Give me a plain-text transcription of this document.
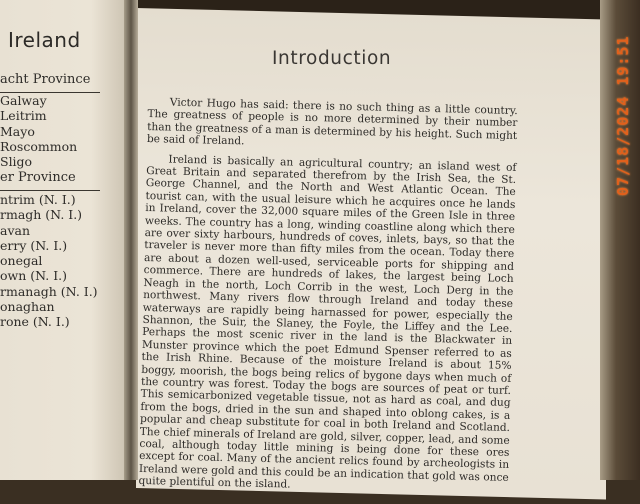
Ireland
acht Province
Galway
Leitrim
Mayo
Roscommon
Sligo
er Province
ntrim (N. I.)
rmagh (N. I.)
avan
erry (N. I.)
onegal
own (N. I.)
rmanagh (N. I.)
onaghan
rone (N. I.)
Introduction

Victor Hugo has said: there is no such thing as a little country. The greatness of people is no more determined by their number than the greatness of a man is determined by his height. Such might be said of Ireland.

Ireland is basically an agricultural country; an island west of Great Britain and separated therefrom by the Irish Sea, the St. George Channel, and the North and West Atlantic Ocean. The tourist can, with the usual leisure which he acquires once he lands in Ireland, cover the 32,000 square miles of the Green Isle in three weeks. The country has a long, winding coastline along which there are over sixty harbours, hundreds of coves, inlets, bays, so that the traveler is never more than fifty miles from the ocean. Today there are about a dozen well-used, serviceable ports for shipping and commerce. There are hundreds of lakes, the largest being Loch Neagh in the north, Loch Corrib in the west, Loch Derg in the northwest. Many rivers flow through Ireland and today these waterways are rapidly being harnassed for power, especially the Shannon, the Suir, the Slaney, the Foyle, the Liffey and the Lee. Perhaps the most scenic river in the land is the Blackwater in Munster province which the poet Edmund Spenser referred to as the Irish Rhine. Because of the moisture Ireland is about 15% boggy, moorish, the bogs being relics of bygone days when much of the country was forest. Today the bogs are sources of peat or turf. This semicarbonized vegetable tissue, not as hard as coal, and dug from the bogs, dried in the sun and shaped into oblong cakes, is a popular and cheap substitute for coal in both Ireland and Scotland. The chief minerals of Ireland are gold, silver, copper, lead, and some coal, although today little mining is being done for these ores except for coal. Many of the ancient relics found by archeologists in Ireland were gold and this could be an indication that gold was once quite plentiful on the island.

07/18/2024 19:51
